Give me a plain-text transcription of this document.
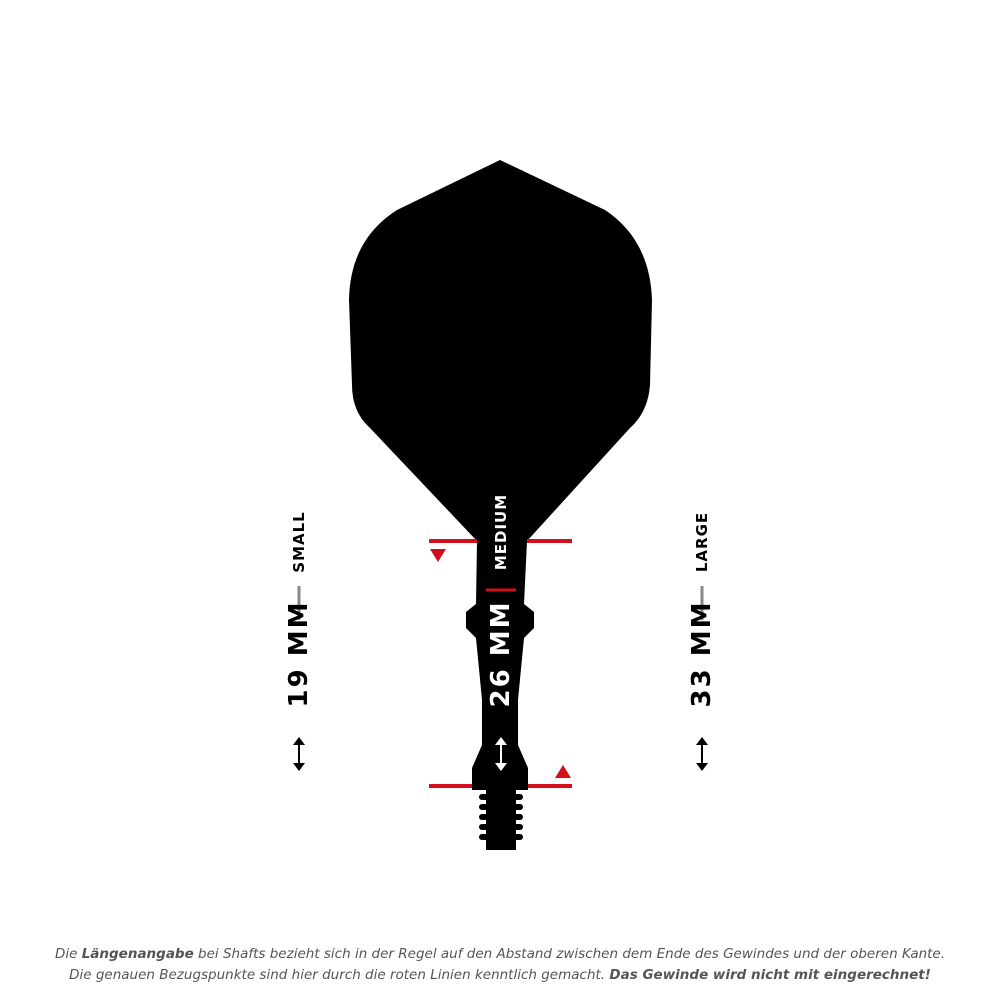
SMALL
19 MM
MEDIUM
26 MM
LARGE
33 MM
Die Längenangabe bei Shafts bezieht sich in der Regel auf den Abstand zwischen dem Ende des Gewindes und der oberen Kante.
Die genauen Bezugspunkte sind hier durch die roten Linien kenntlich gemacht. Das Gewinde wird nicht mit eingerechnet!
